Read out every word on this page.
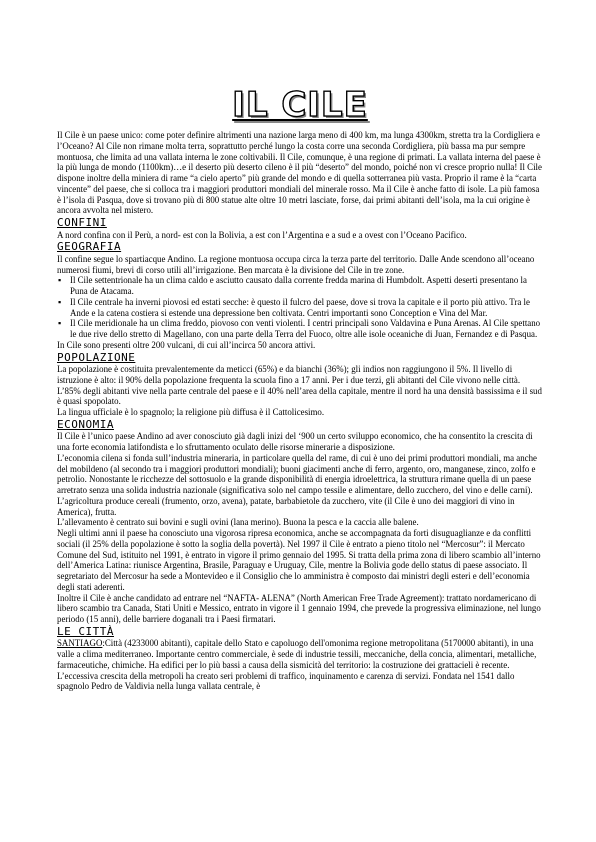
IL CILE

Il Cile è un paese unico: come poter definire altrimenti una nazione larga meno di 400 km, ma lunga 4300km, stretta tra la Cordigliera e l’Oceano? Al Cile non rimane molta terra, soprattutto perché lungo la costa corre una seconda Cordigliera, più bassa ma pur sempre montuosa, che limita ad una vallata interna le zone coltivabili. Il Cile, comunque, è una regione di primati. La vallata interna del paese è la più lunga de mondo (1100km)…e il deserto più deserto cileno è il più “deserto” del mondo, poiché non vi cresce proprio nulla! Il Cile dispone inoltre della miniera di rame “a cielo aperto” più grande del mondo e di quella sotterranea più vasta. Proprio il rame è la “carta vincente” del paese, che si colloca tra i maggiori produttori mondiali del minerale rosso. Ma il Cile è anche fatto di isole. La più famosa è l’isola di Pasqua, dove si trovano più di 800 statue alte oltre 10 metri lasciate, forse, dai primi abitanti dell’isola, ma la cui origine è ancora avvolta nel mistero.

CONFINI

A nord confina con il Perù, a nord- est con la Bolivia, a est con l’Argentina e a sud e a ovest con l’Oceano Pacifico.

GEOGRAFIA

Il confine segue lo spartiacque Andino. La regione montuosa occupa circa la terza parte del territorio. Dalle Ande scendono all’oceano numerosi fiumi, brevi di corso utili all’irrigazione. Ben marcata è la divisione del Cile in tre zone.

▪ Il Cile settentrionale ha un clima caldo e asciutto causato dalla corrente fredda marina di Humbdolt. Aspetti deserti presentano la Puna de Atacama.
▪ Il Cile centrale ha inverni piovosi ed estati secche: è questo il fulcro del paese, dove si trova la capitale e il porto più attivo. Tra le Ande e la catena costiera si estende una depressione ben coltivata. Centri importanti sono Conception e Vina del Mar.
▪ Il Cile meridionale ha un clima freddo, piovoso con venti violenti. I centri principali sono Valdavina e Puna Arenas. Al Cile spettano le due rive dello stretto di Magellano, con una parte della Terra del Fuoco, oltre alle isole oceaniche di Juan, Fernandez e di Pasqua.

In Cile sono presenti oltre 200 vulcani, di cui all’incirca 50 ancora attivi.

POPOLAZIONE

La popolazione è costituita prevalentemente da meticci (65%) e da bianchi (36%); gli indios non raggiungono il 5%. Il livello di istruzione è alto: il 90% della popolazione frequenta la scuola fino a 17 anni. Per i due terzi, gli abitanti del Cile vivono nelle città. L’85% degli abitanti vive nella parte centrale del paese e il 40% nell’area della capitale, mentre il nord ha una densità bassissima e il sud è quasi spopolato.

La lingua ufficiale è lo spagnolo; la religione più diffusa è il Cattolicesimo.

ECONOMIA

Il Cile è l’unico paese Andino ad aver conosciuto già dagli inizi del ‘900 un certo sviluppo economico, che ha consentito la crescita di una forte economia latifondista e lo sfruttamento oculato delle risorse minerarie a disposizione.

L’economia cilena si fonda sull’industria mineraria, in particolare quella del rame, di cui è uno dei primi produttori mondiali, ma anche del mobildeno (al secondo tra i maggiori produttori mondiali); buoni giacimenti anche di ferro, argento, oro, manganese, zinco, zolfo e petrolio. Nonostante le ricchezze del sottosuolo e la grande disponibilità di energia idroelettrica, la struttura rimane quella di un paese arretrato senza una solida industria nazionale (significativa solo nel campo tessile e alimentare, dello zucchero, del vino e delle carni). L’agricoltura produce cereali (frumento, orzo, avena), patate, barbabietole da zucchero, vite (il Cile è uno dei maggiori di vino in America), frutta.

L’allevamento è centrato sui bovini e sugli ovini (lana merino). Buona la pesca e la caccia alle balene.

Negli ultimi anni il paese ha conosciuto una vigorosa ripresa economica, anche se accompagnata da forti disuguaglianze e da conflitti sociali (il 25% della popolazione è sotto la soglia della povertà). Nel 1997 il Cile è entrato a pieno titolo nel “Mercosur”: il Mercato Comune del Sud, istituito nel 1991, è entrato in vigore il primo gennaio del 1995. Si tratta della prima zona di libero scambio all’interno dell’America Latina: riunisce Argentina, Brasile, Paraguay e Uruguay, Cile, mentre la Bolivia gode dello status di paese associato. Il segretariato del Mercosur ha sede a Montevideo e il Consiglio che lo amministra è composto dai ministri degli esteri e dell’economia degli stati aderenti.

Inoltre il Cile è anche candidato ad entrare nel “NAFTA- ALENA” (North American Free Trade Agreement): trattato nordamericano di libero scambio tra Canada, Stati Uniti e Messico, entrato in vigore il 1 gennaio 1994, che prevede la progressiva eliminazione, nel lungo periodo (15 anni), delle barriere doganali tra i Paesi firmatari.

LE CITTÀ

SANTIAGO:Città (4233000 abitanti), capitale dello Stato e capoluogo dell'omonima regione metropolitana (5170000 abitanti), in una valle a clima mediterraneo. Importante centro commerciale, è sede di industrie tessili, meccaniche, della concia, alimentari, metalliche, farmaceutiche, chimiche. Ha edifici per lo più bassi a causa della sismicità del territorio: la costruzione dei grattacieli è recente. L’eccessiva crescita della metropoli ha creato seri problemi di traffico, inquinamento e carenza di servizi. Fondata nel 1541 dallo spagnolo Pedro de Valdivia nella lunga vallata centrale, è
